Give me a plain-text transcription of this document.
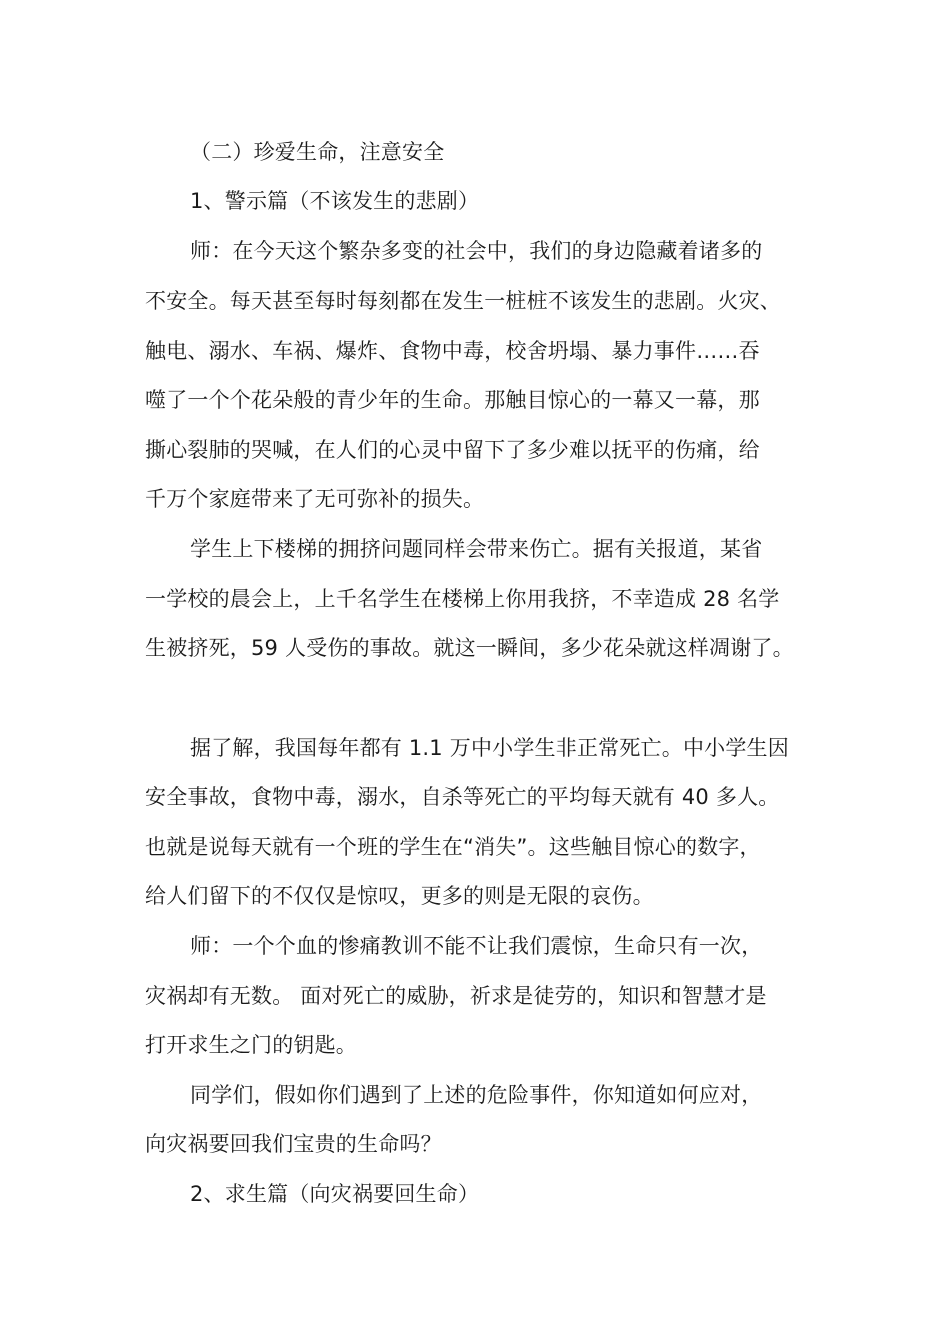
（二）珍爱生命，注意安全
1、警示篇（不该发生的悲剧）
师：在今天这个繁杂多变的社会中，我们的身边隐藏着诸多的
不安全。每天甚至每时每刻都在发生一桩桩不该发生的悲剧。火灾、
触电、溺水、车祸、爆炸、食物中毒，校舍坍塌、暴力事件……吞
噬了一个个花朵般的青少年的生命。那触目惊心的一幕又一幕，那
撕心裂肺的哭喊，在人们的心灵中留下了多少难以抚平的伤痛，给
千万个家庭带来了无可弥补的损失。
学生上下楼梯的拥挤问题同样会带来伤亡。据有关报道，某省
一学校的晨会上，上千名学生在楼梯上你用我挤，不幸造成 28 名学
生被挤死，59 人受伤的事故。就这一瞬间，多少花朵就这样凋谢了。
据了解，我国每年都有 1.1 万中小学生非正常死亡。中小学生因
安全事故，食物中毒，溺水，自杀等死亡的平均每天就有 40 多人。
也就是说每天就有一个班的学生在“消失”。这些触目惊心的数字，
给人们留下的不仅仅是惊叹，更多的则是无限的哀伤。
师：一个个血的惨痛教训不能不让我们震惊，生命只有一次，
灾祸却有无数。 面对死亡的威胁，祈求是徒劳的，知识和智慧才是
打开求生之门的钥匙。
同学们，假如你们遇到了上述的危险事件，你知道如何应对，
向灾祸要回我们宝贵的生命吗？
2、求生篇（向灾祸要回生命）
